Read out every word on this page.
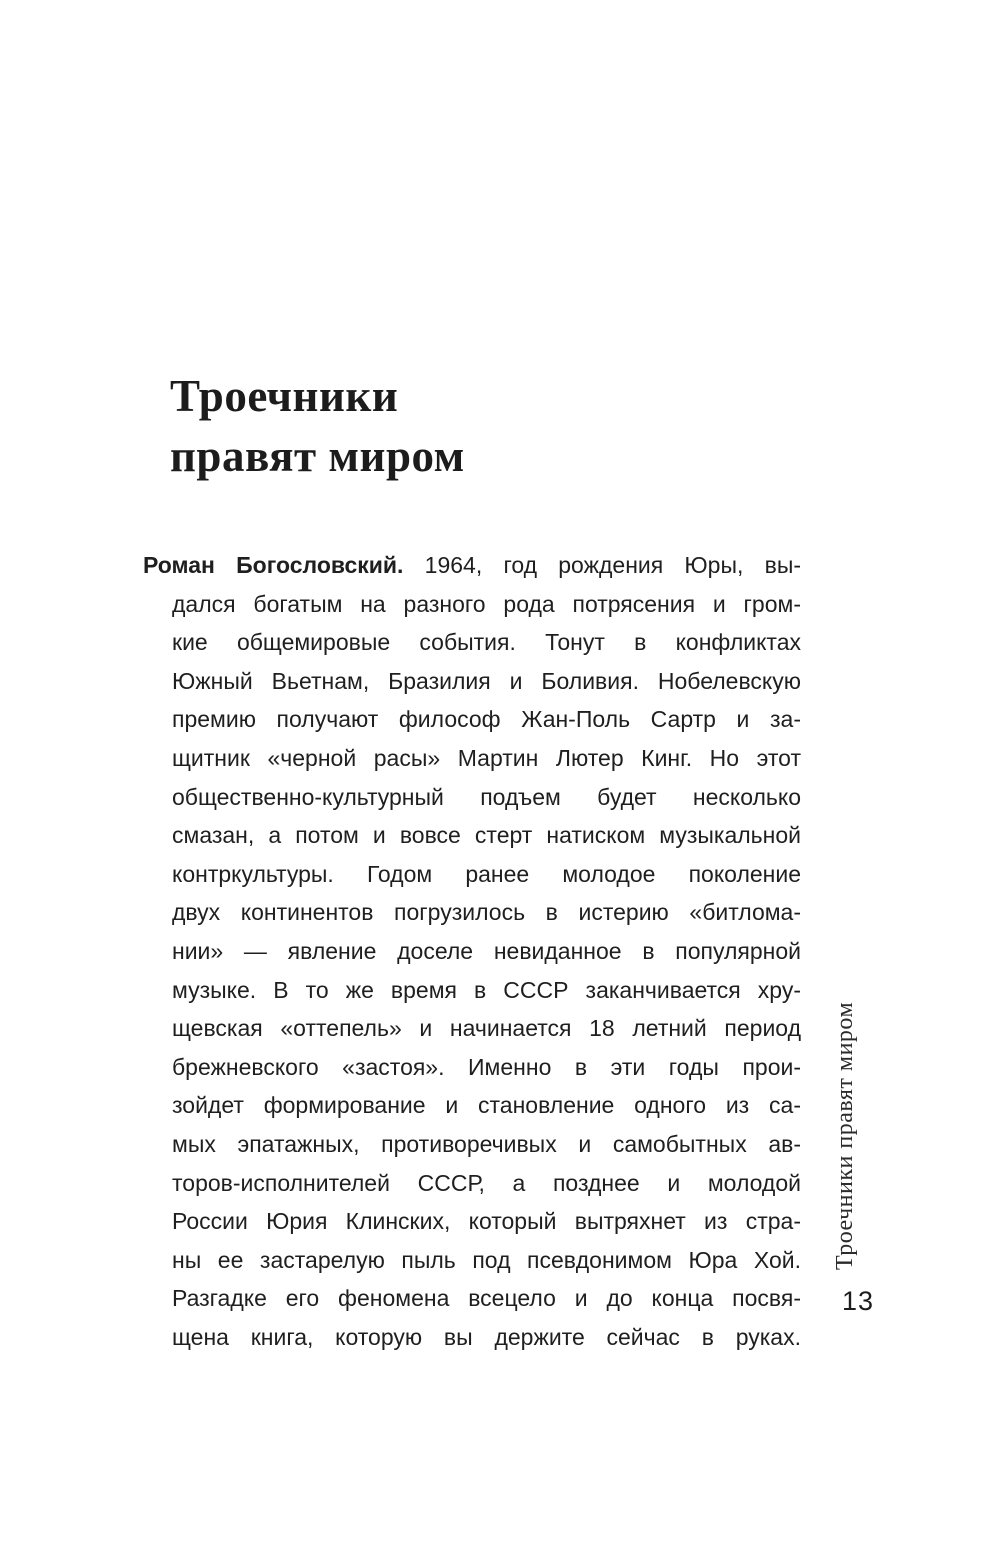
Троечники
правят миром
Роман Богословский. 1964, год рождения Юры, вы-
дался богатым на разного рода потрясения и гром-
кие общемировые события. Тонут в конфликтах
Южный Вьетнам, Бразилия и Боливия. Нобелевскую
премию получают философ Жан-Поль Сартр и за-
щитник «черной расы» Мартин Лютер Кинг. Но этот
общественно-культурный подъем будет несколько
смазан, а потом и вовсе стерт натиском музыкальной
контркультуры. Годом ранее молодое поколение
двух континентов погрузилось в истерию «битлома-
нии» — явление доселе невиданное в популярной
музыке. В то же время в СССР заканчивается хру-
щевская «оттепель» и начинается 18 летний период
брежневского «застоя». Именно в эти годы прои-
зойдет формирование и становление одного из са-
мых эпатажных, противоречивых и самобытных ав-
торов-исполнителей СССР, а позднее и молодой
России Юрия Клинских, который вытряхнет из стра-
ны ее застарелую пыль под псевдонимом Юра Хой.
Разгадке его феномена всецело и до конца посвя-
щена книга, которую вы держите сейчас в руках.
Троечники правят миром
13
